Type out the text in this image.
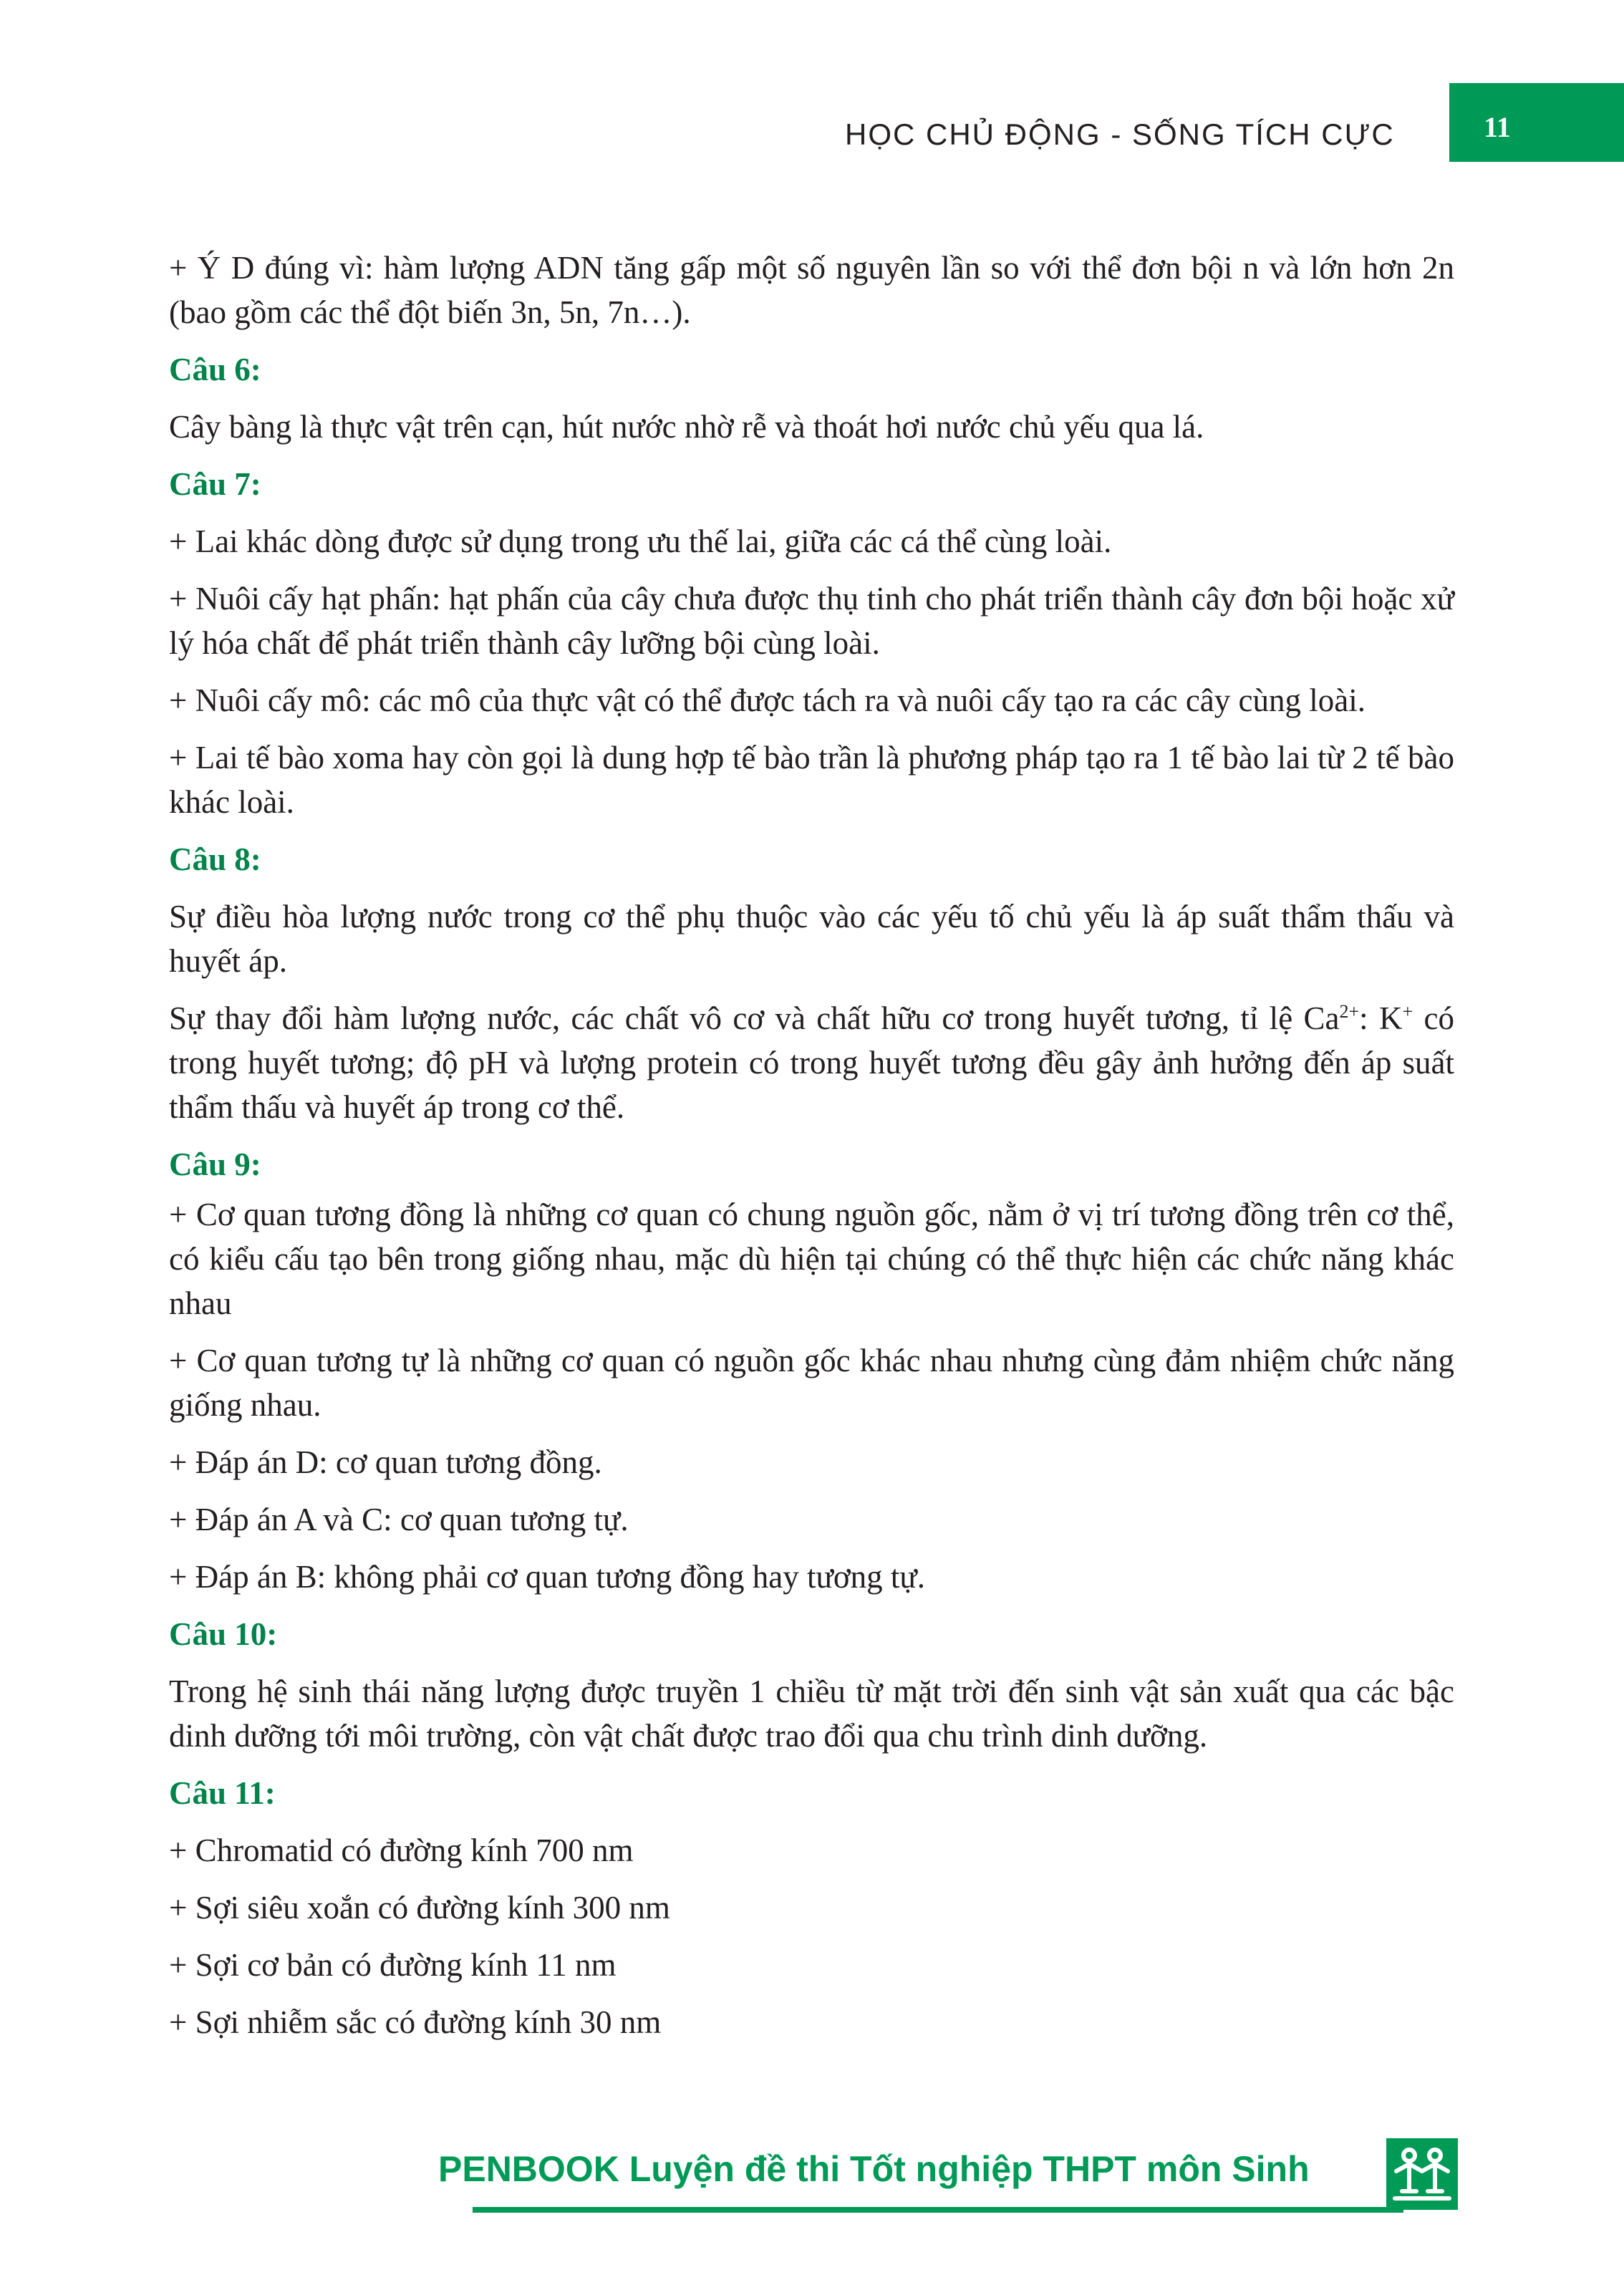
HỌC CHỦ ĐỘNG - SỐNG TÍCH CỰC	11

+ Ý D đúng vì: hàm lượng ADN tăng gấp một số nguyên lần so với thể đơn bội n và lớn hơn 2n (bao gồm các thể đột biến 3n, 5n, 7n…).

Câu 6:

Cây bàng là thực vật trên cạn, hút nước nhờ rễ và thoát hơi nước chủ yếu qua lá.

Câu 7:

+ Lai khác dòng được sử dụng trong ưu thế lai, giữa các cá thể cùng loài.

+ Nuôi cấy hạt phấn: hạt phấn của cây chưa được thụ tinh cho phát triển thành cây đơn bội hoặc xử lý hóa chất để phát triển thành cây lưỡng bội cùng loài.

+ Nuôi cấy mô: các mô của thực vật có thể được tách ra và nuôi cấy tạo ra các cây cùng loài.

+ Lai tế bào xoma hay còn gọi là dung hợp tế bào trần là phương pháp tạo ra 1 tế bào lai từ 2 tế bào khác loài.

Câu 8:

Sự điều hòa lượng nước trong cơ thể phụ thuộc vào các yếu tố chủ yếu là áp suất thẩm thấu và huyết áp.

Sự thay đổi hàm lượng nước, các chất vô cơ và chất hữu cơ trong huyết tương, tỉ lệ $Ca^{2+}$: K+ có trong huyết tương; độ pH và lượng protein có trong huyết tương đều gây ảnh hưởng đến áp suất thẩm thấu và huyết áp trong cơ thể.

Câu 9:

+ Cơ quan tương đồng là những cơ quan có chung nguồn gốc, nằm ở vị trí tương đồng trên cơ thể, có kiểu cấu tạo bên trong giống nhau, mặc dù hiện tại chúng có thể thực hiện các chức năng khác nhau

+ Cơ quan tương tự là những cơ quan có nguồn gốc khác nhau nhưng cùng đảm nhiệm chức năng giống nhau.

+ Đáp án D: cơ quan tương đồng.

+ Đáp án A và C: cơ quan tương tự.

+ Đáp án B: không phải cơ quan tương đồng hay tương tự.

Câu 10:

Trong hệ sinh thái năng lượng được truyền 1 chiều từ mặt trời đến sinh vật sản xuất qua các bậc dinh dưỡng tới môi trường, còn vật chất được trao đổi qua chu trình dinh dưỡng.

Câu 11:

+ Chromatid có đường kính 700 nm

+ Sợi siêu xoắn có đường kính 300 nm

+ Sợi cơ bản có đường kính 11 nm

+ Sợi nhiễm sắc có đường kính 30 nm

PENBOOK Luyện đề thi Tốt nghiệp THPT môn Sinh
